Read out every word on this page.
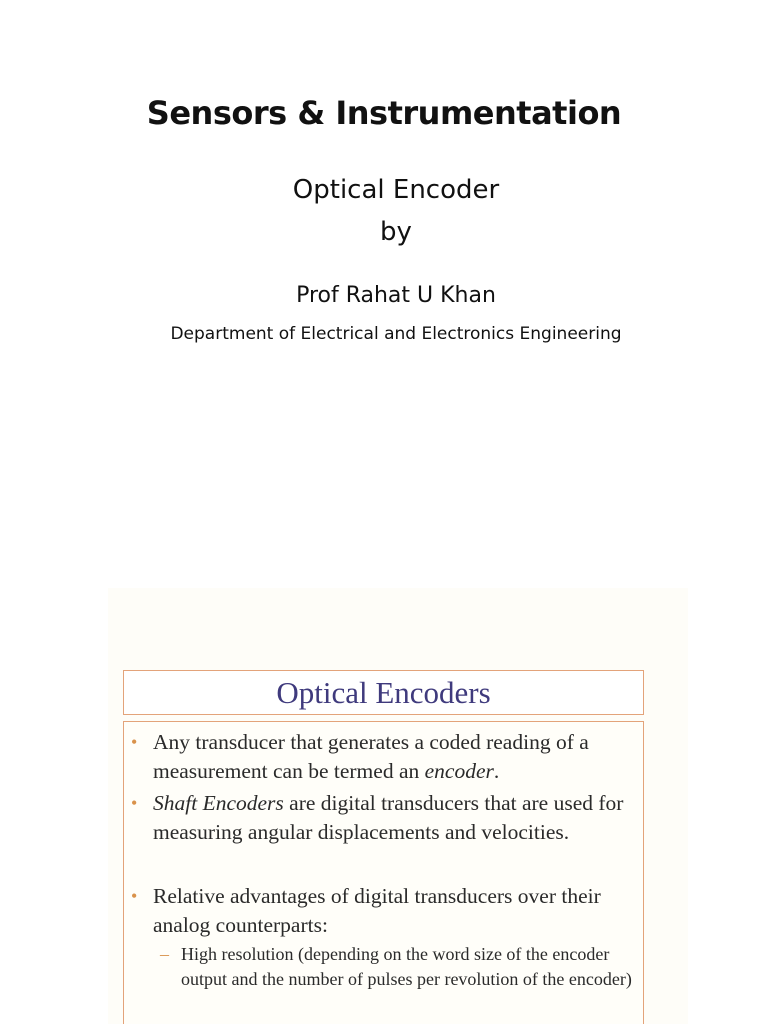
Sensors & Instrumentation
Optical Encoder
by
Prof Rahat U Khan
Department of Electrical and Electronics Engineering
Optical Encoders
• Any transducer that generates a coded reading of a measurement can be termed an encoder.
• Shaft Encoders are digital transducers that are used for measuring angular displacements and velocities.
• Relative advantages of digital transducers over their analog counterparts:
– High resolution (depending on the word size of the encoder output and the number of pulses per revolution of the encoder)
